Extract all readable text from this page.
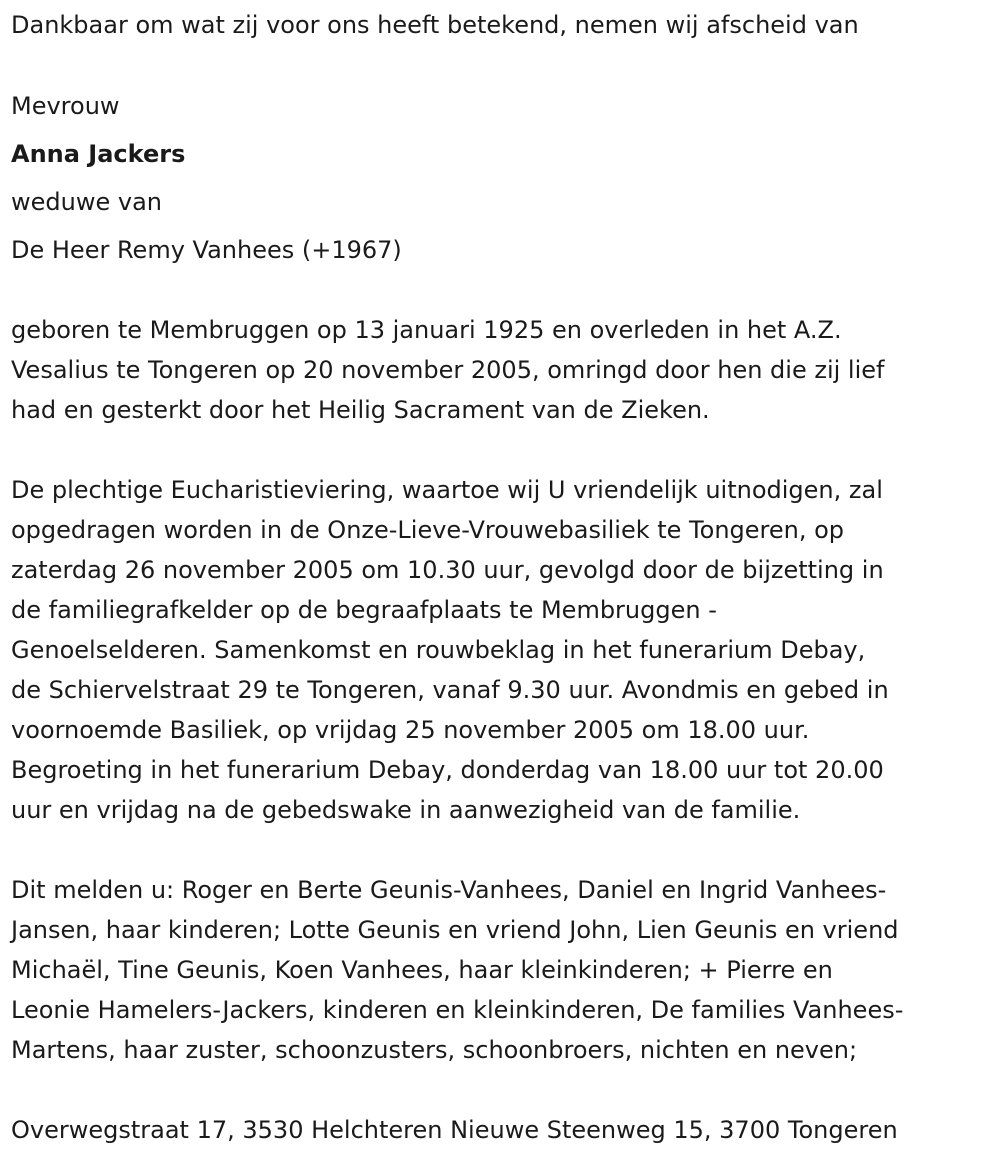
Dankbaar om wat zij voor ons heeft betekend, nemen wij afscheid van
Mevrouw
Anna Jackers
weduwe van
De Heer Remy Vanhees (+1967)
geboren te Membruggen op 13 januari 1925 en overleden in het A.Z.
Vesalius te Tongeren op 20 november 2005, omringd door hen die zij lief
had en gesterkt door het Heilig Sacrament van de Zieken.
De plechtige Eucharistieviering, waartoe wij U vriendelijk uitnodigen, zal
opgedragen worden in de Onze-Lieve-Vrouwebasiliek te Tongeren, op
zaterdag 26 november 2005 om 10.30 uur, gevolgd door de bijzetting in
de familiegrafkelder op de begraafplaats te Membruggen -
Genoelselderen. Samenkomst en rouwbeklag in het funerarium Debay,
de Schiervelstraat 29 te Tongeren, vanaf 9.30 uur. Avondmis en gebed in
voornoemde Basiliek, op vrijdag 25 november 2005 om 18.00 uur.
Begroeting in het funerarium Debay, donderdag van 18.00 uur tot 20.00
uur en vrijdag na de gebedswake in aanwezigheid van de familie.
Dit melden u: Roger en Berte Geunis-Vanhees, Daniel en Ingrid Vanhees-
Jansen, haar kinderen; Lotte Geunis en vriend John, Lien Geunis en vriend
Michaël, Tine Geunis, Koen Vanhees, haar kleinkinderen; + Pierre en
Leonie Hamelers-Jackers, kinderen en kleinkinderen, De families Vanhees-
Martens, haar zuster, schoonzusters, schoonbroers, nichten en neven;
Overwegstraat 17, 3530 Helchteren Nieuwe Steenweg 15, 3700 Tongeren
